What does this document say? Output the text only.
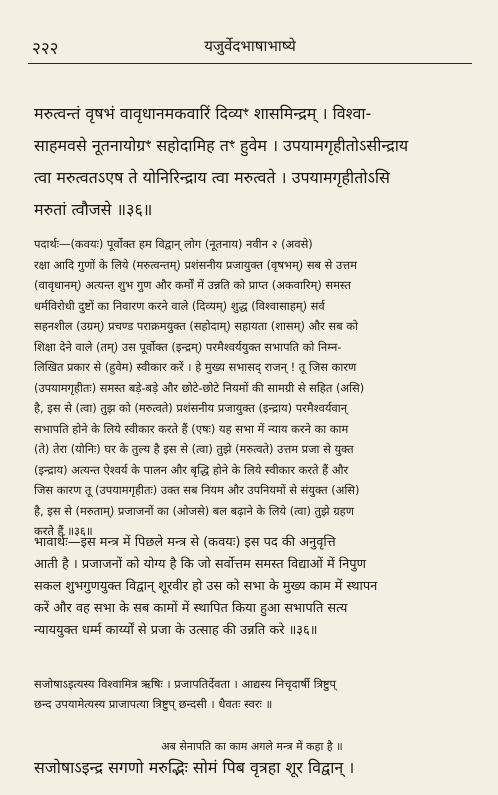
२२२	यजुर्वेदभाषाभाष्ये
मरुत्वन्तं वृषभं वावृधानमकवारिं दिव्यꣳ शासमिन्द्रम् । विश्वा-
साहमवसे नूतनायोग्रꣳ सहोदामिह तꣳ हुवेम । उपयामगृहीतोऽसीन्द्राय
त्वा मरुत्वतऽएष ते योनिरिन्द्राय त्वा मरुत्वते । उपयामगृहीतोऽसि
मरुतां त्वौजसे ॥३६॥
पदार्थः—(कवयः) पूर्वोक्त हम विद्वान् लोग (नूतनाय) नवीन २ (अवसे)
रक्षा आदि गुणों के लिये (मरुत्वन्तम्) प्रशंसनीय प्रजायुक्त (वृषभम्) सब से उत्तम
(वावृधानम्) अत्यन्त शुभ गुण और कर्मों में उन्नति को प्राप्त (अकवारिम्) समस्त
धर्मविरोधी दुष्टों का निवारण करने वाले (दिव्यम्) शुद्ध (विश्वासाहम्) सर्व
सहनशील (उग्रम्) प्रचण्ड पराक्रमयुक्त (सहोदाम्) सहायता (शासम्) और सब को
शिक्षा देने वाले (तम्) उस पूर्वोक्त (इन्द्रम्) परमैश्वर्ययुक्त सभापति को निम्न-
लिखित प्रकार से (हुवेम) स्वीकार करें । हे मुख्य सभासद् राजन् ! तू जिस कारण
(उपयामगृहीतः) समस्त बड़े-बड़े और छोटे-छोटे नियमों की सामग्री से सहित (असि)
है, इस से (त्वा) तुझ को (मरुत्वते) प्रशंसनीय प्रजायुक्त (इन्द्राय) परमैश्वर्यवान्
सभापति होने के लिये स्वीकार करते हैं (एषः) यह सभा में न्याय करने का काम
(ते) तेरा (योनिः) घर के तुल्य है इस से (त्वा) तुझे (मरुत्वते) उत्तम प्रजा से युक्त
(इन्द्राय) अत्यन्त ऐश्वर्य के पालन और बृद्धि होने के लिये स्वीकार करते हैं और
जिस कारण तू (उपयामगृहीतः) उक्त सब नियम और उपनियमों से संयुक्त (असि)
है, इस से (मरुताम्) प्रजाजनों का (ओजसे) बल बढ़ाने के लिये (त्वा) तुझे ग्रहण
करते हैं ॥३६॥
भावार्थः—इस मन्त्र में पिछले मन्त्र से (कवयः) इस पद की अनुवृत्ति
आती है । प्रजाजनों को योग्य है कि जो सर्वोत्तम समस्त विद्याओं में निपुण
सकल शुभगुणयुक्त विद्वान् शूरवीर हो उस को सभा के मुख्य काम में स्थापन
करें और वह सभा के सब कामों में स्थापित किया हुआ सभापति सत्य
न्याययुक्त धर्म्म कार्य्यों से प्रजा के उत्साह की उन्नति करे ॥३६॥
सजोषाऽइत्यस्य विश्वामित्र ऋषिः । प्रजापतिर्देवता । आद्यस्य निचृदार्षी त्रिष्टुप्
छन्द उपयामेत्यस्य प्राजापत्या त्रिष्टुप् छन्दसी । धैवतः स्वरः ॥
अब सेनापति का काम अगले मन्त्र में कहा है ॥
सजोषाऽइन्द्र सगणो मरुद्भिः सोमं पिब वृत्रहा शूर विद्वान् ।
